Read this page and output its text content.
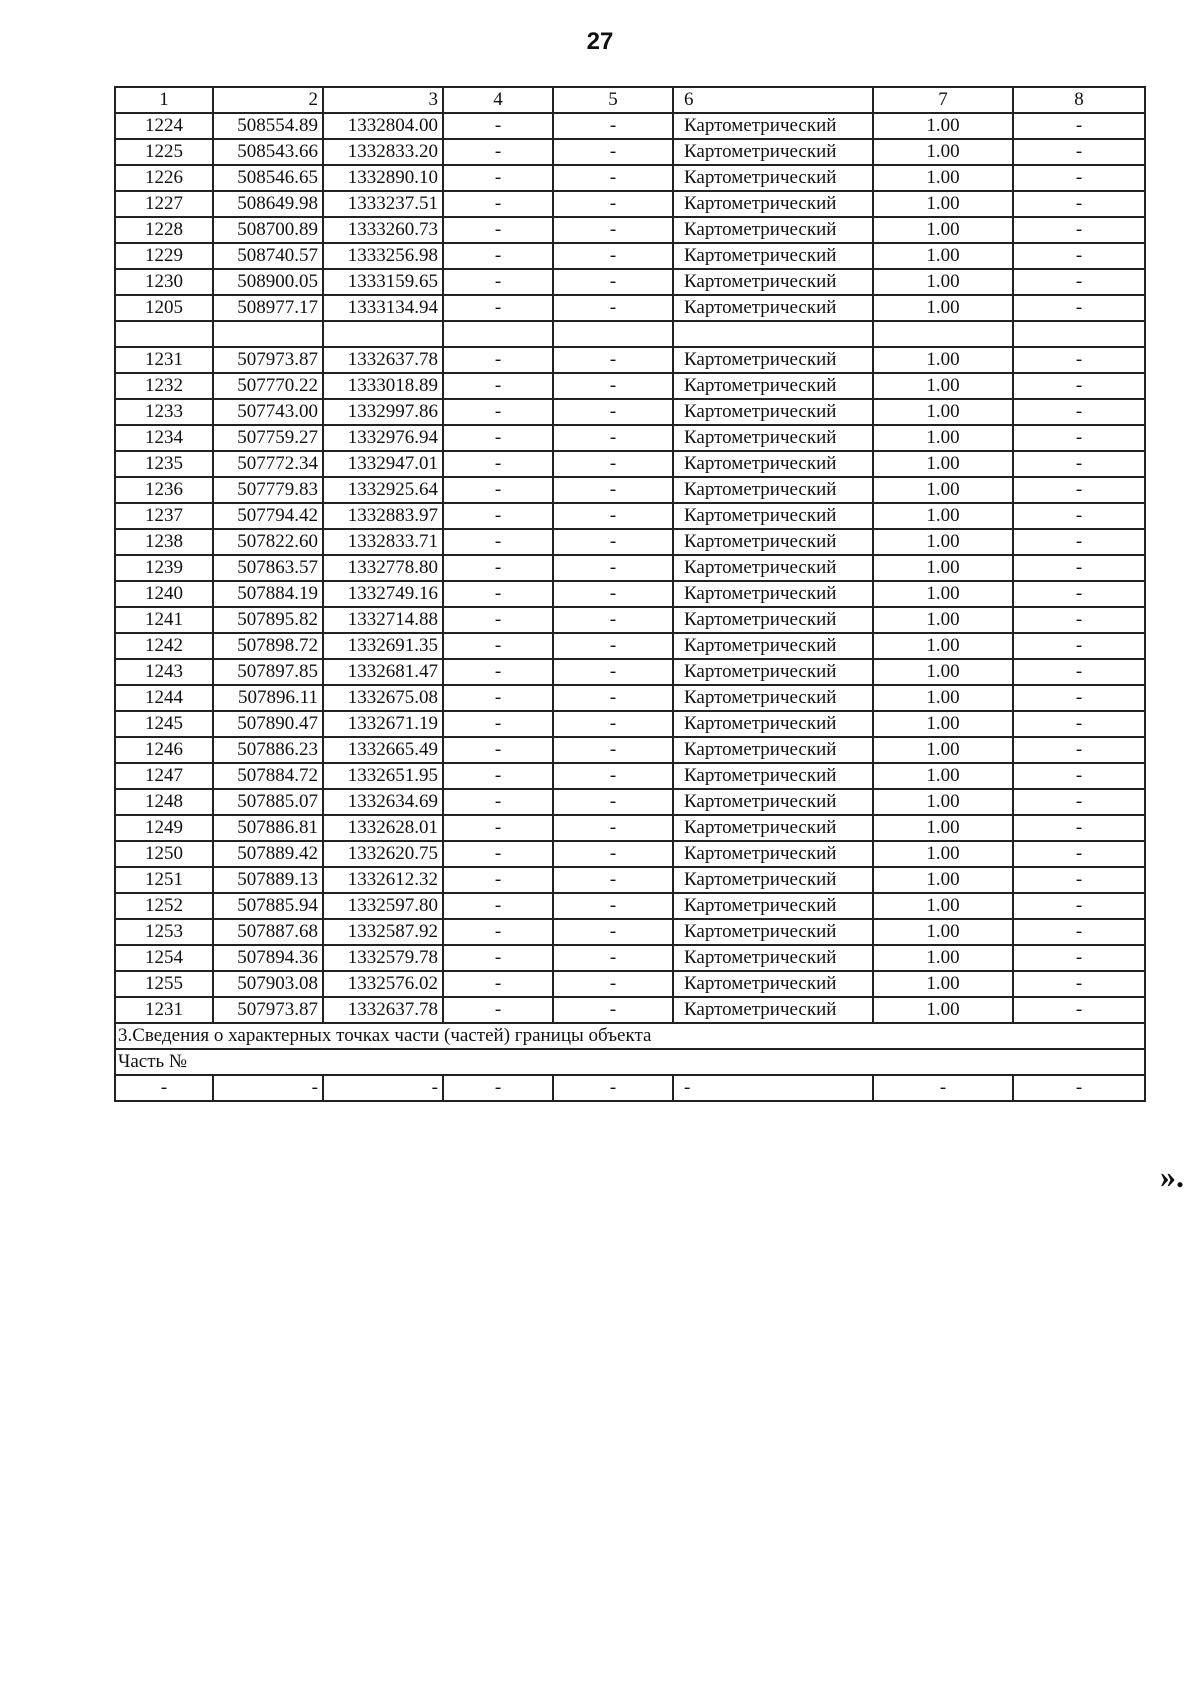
27
1	2	3	4	5	6	7	8
1224	508554.89	1332804.00	-	-	Картометрический	1.00	-
1225	508543.66	1332833.20	-	-	Картометрический	1.00	-
1226	508546.65	1332890.10	-	-	Картометрический	1.00	-
1227	508649.98	1333237.51	-	-	Картометрический	1.00	-
1228	508700.89	1333260.73	-	-	Картометрический	1.00	-
1229	508740.57	1333256.98	-	-	Картометрический	1.00	-
1230	508900.05	1333159.65	-	-	Картометрический	1.00	-
1205	508977.17	1333134.94	-	-	Картометрический	1.00	-

1231	507973.87	1332637.78	-	-	Картометрический	1.00	-
1232	507770.22	1333018.89	-	-	Картометрический	1.00	-
1233	507743.00	1332997.86	-	-	Картометрический	1.00	-
1234	507759.27	1332976.94	-	-	Картометрический	1.00	-
1235	507772.34	1332947.01	-	-	Картометрический	1.00	-
1236	507779.83	1332925.64	-	-	Картометрический	1.00	-
1237	507794.42	1332883.97	-	-	Картометрический	1.00	-
1238	507822.60	1332833.71	-	-	Картометрический	1.00	-
1239	507863.57	1332778.80	-	-	Картометрический	1.00	-
1240	507884.19	1332749.16	-	-	Картометрический	1.00	-
1241	507895.82	1332714.88	-	-	Картометрический	1.00	-
1242	507898.72	1332691.35	-	-	Картометрический	1.00	-
1243	507897.85	1332681.47	-	-	Картометрический	1.00	-
1244	507896.11	1332675.08	-	-	Картометрический	1.00	-
1245	507890.47	1332671.19	-	-	Картометрический	1.00	-
1246	507886.23	1332665.49	-	-	Картометрический	1.00	-
1247	507884.72	1332651.95	-	-	Картометрический	1.00	-
1248	507885.07	1332634.69	-	-	Картометрический	1.00	-
1249	507886.81	1332628.01	-	-	Картометрический	1.00	-
1250	507889.42	1332620.75	-	-	Картометрический	1.00	-
1251	507889.13	1332612.32	-	-	Картометрический	1.00	-
1252	507885.94	1332597.80	-	-	Картометрический	1.00	-
1253	507887.68	1332587.92	-	-	Картометрический	1.00	-
1254	507894.36	1332579.78	-	-	Картометрический	1.00	-
1255	507903.08	1332576.02	-	-	Картометрический	1.00	-
1231	507973.87	1332637.78	-	-	Картометрический	1.00	-
3.Сведения о характерных точках части (частей) границы объекта							
Часть №							
-	-	-	-	-	-	-	-
».
